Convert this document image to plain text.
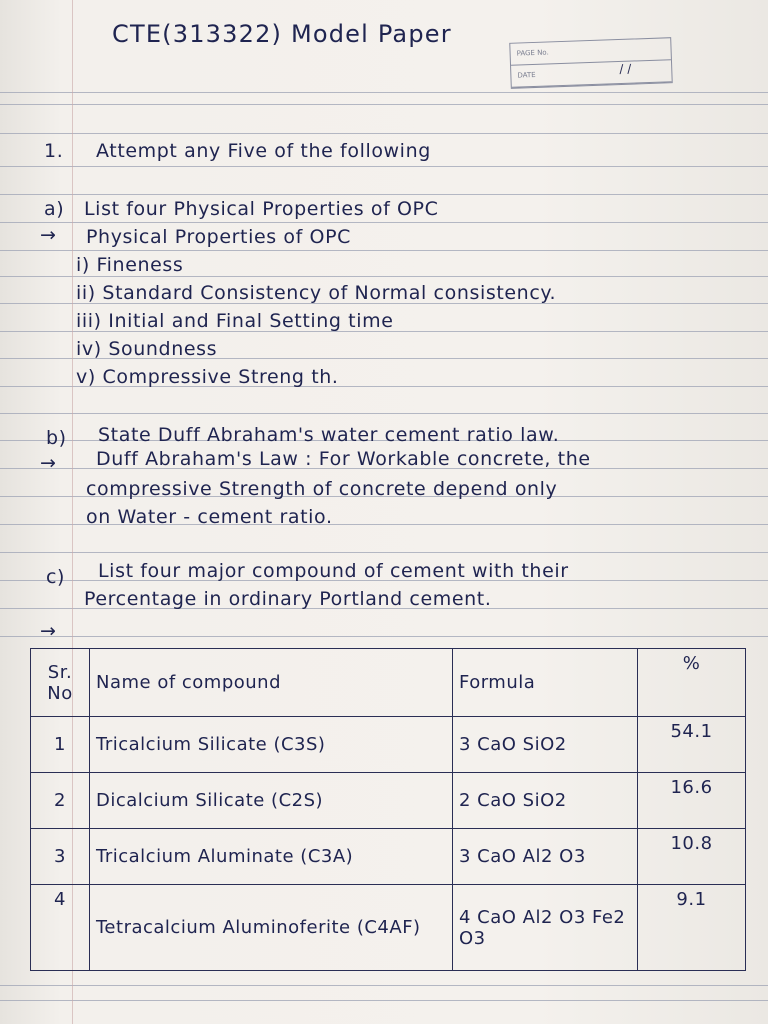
CTE(313322) Model Paper
PAGE No.
DATE	/ /
1. Attempt any Five of the following
a) List four Physical Properties of OPC
→ Physical Properties of OPC
i) Fineness
ii) Standard Consistency of Normal consistency.
iii) Initial and Final Setting time
iv) Soundness
v) Compressive Streng th.
b) State Duff Abraham's water cement ratio law.
→ Duff Abraham's Law : For Workable concrete, the
compressive Strength of concrete depend only
on Water - cement ratio.
c) List four major compound of cement with their
Percentage in ordinary Portland cement.
→
Sr. No	Name of compound	Formula	%
1	Tricalcium Silicate (C3S)	3 CaO SiO2	54.1
2	Dicalcium Silicate (C2S)	2 CaO SiO2	16.6
3	Tricalcium Aluminate (C3A)	3 CaO Al2 O3	10.8
4	Tetracalcium Aluminoferite (C4AF)	4 CaO Al2 O3 Fe2 O3	9.1
